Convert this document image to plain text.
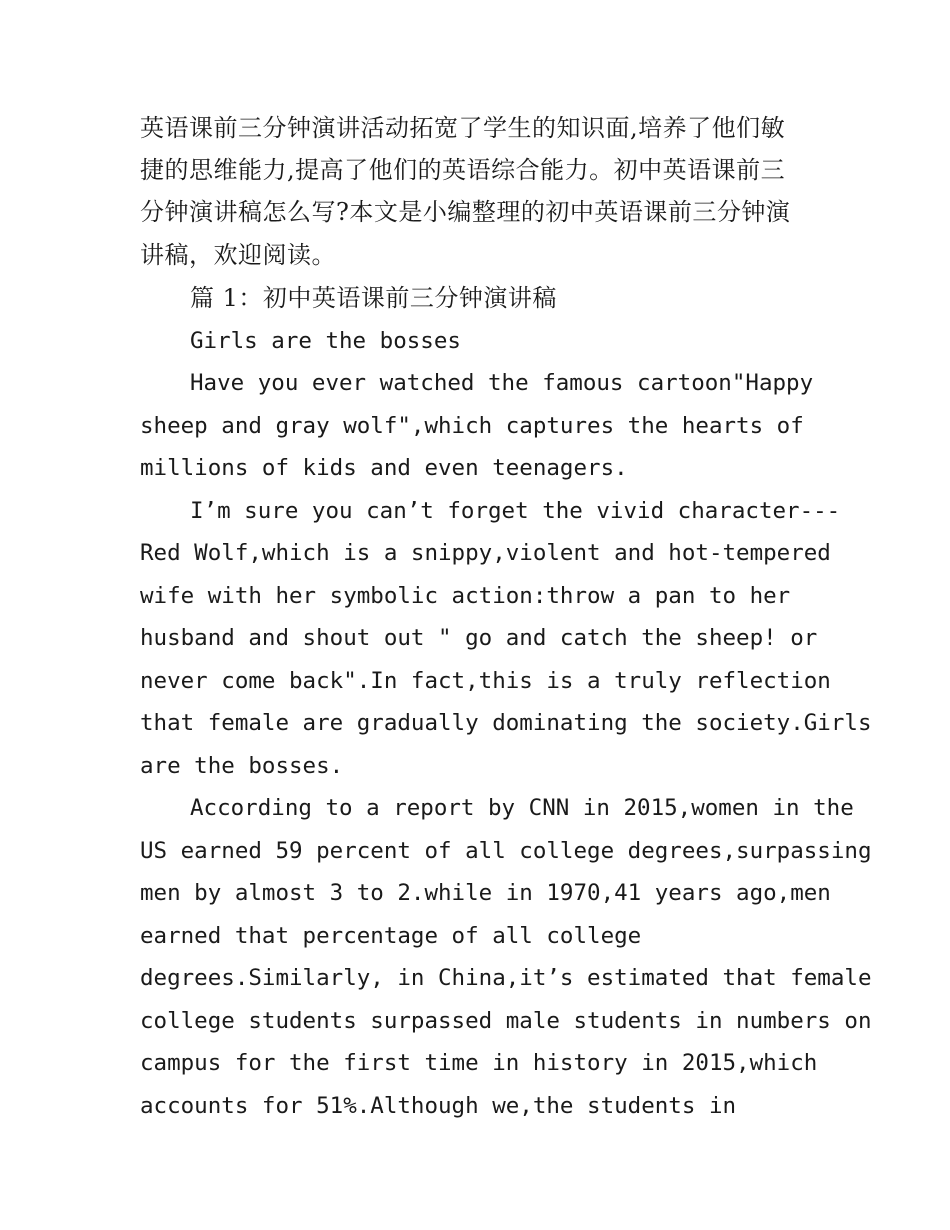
英语课前三分钟演讲活动拓宽了学生的知识面,培养了他们敏

捷的思维能力,提高了他们的英语综合能力。初中英语课前三

分钟演讲稿怎么写?本文是小编整理的初中英语课前三分钟演

讲稿，欢迎阅读。

篇 1：初中英语课前三分钟演讲稿

Girls are the bosses

Have you ever watched the famous cartoon"Happy

sheep and gray wolf",which captures the hearts of

millions of kids and even teenagers.

I’m sure you can’t forget the vivid character---

Red Wolf,which is a snippy,violent and hot-tempered

wife with her symbolic action:throw a pan to her

husband and shout out " go and catch the sheep! or

never come back".In fact,this is a truly reflection

that female are gradually dominating the society.Girls

are the bosses.

According to a report by CNN in 2015,women in the

US earned 59 percent of all college degrees,surpassing

men by almost 3 to 2.while in 1970,41 years ago,men

earned that percentage of all college

degrees.Similarly, in China,it’s estimated that female

college students surpassed male students in numbers on

campus for the first time in history in 2015,which

accounts for 51%.Although we,the students in
